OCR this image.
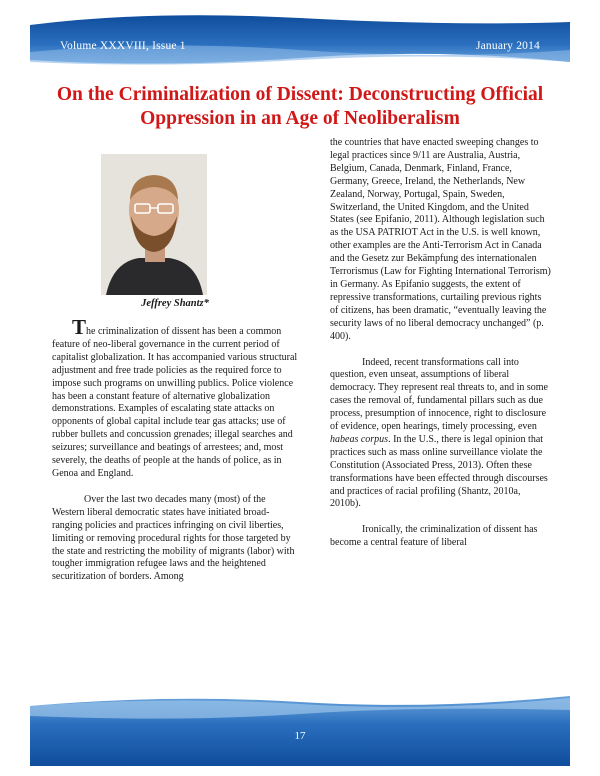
Volume XXXVIII, Issue 1	January 2014
On the Criminalization of Dissent: Deconstructing Official Oppression in an Age of Neoliberalism

Jeffrey Shantz*

The criminalization of dissent has been a common feature of neo-liberal governance in the current period of capitalist globalization. It has accompanied various structural adjustment and free trade policies as the required force to impose such programs on unwilling publics. Police violence has been a constant feature of alternative globalization demonstrations. Examples of escalating state attacks on opponents of global capital include tear gas attacks; use of rubber bullets and concussion grenades; illegal searches and seizures; surveillance and beatings of arrestees; and, most severely, the deaths of people at the hands of police, as in Genoa and England.

Over the last two decades many (most) of the Western liberal democratic states have initiated broad-ranging policies and practices infringing on civil liberties, limiting or removing procedural rights for those targeted by the state and restricting the mobility of migrants (labor) with tougher immigration refugee laws and the heightened securitization of borders. Among

the countries that have enacted sweeping changes to legal practices since 9/11 are Australia, Austria, Belgium, Canada, Denmark, Finland, France, Germany, Greece, Ireland, the Netherlands, New Zealand, Norway, Portugal, Spain, Sweden, Switzerland, the United Kingdom, and the United States (see Epifanio, 2011). Although legislation such as the USA PATRIOT Act in the U.S. is well known, other examples are the Anti-Terrorism Act in Canada and the Gesetz zur Bekämpfung des internationalen Terrorismus (Law for Fighting International Terrorism) in Germany. As Epifanio suggests, the extent of repressive transformations, curtailing previous rights of citizens, has been dramatic, “eventually leaving the security laws of no liberal democracy unchanged” (p. 400).

Indeed, recent transformations call into question, even unseat, assumptions of liberal democracy. They represent real threats to, and in some cases the removal of, fundamental pillars such as due process, presumption of innocence, right to disclosure of evidence, open hearings, timely processing, even habeas corpus. In the U.S., there is legal opinion that practices such as mass online surveillance violate the Constitution (Associated Press, 2013). Often these transformations have been effected through discourses and practices of racial profiling (Shantz, 2010a, 2010b).

Ironically, the criminalization of dissent has become a central feature of liberal

17
